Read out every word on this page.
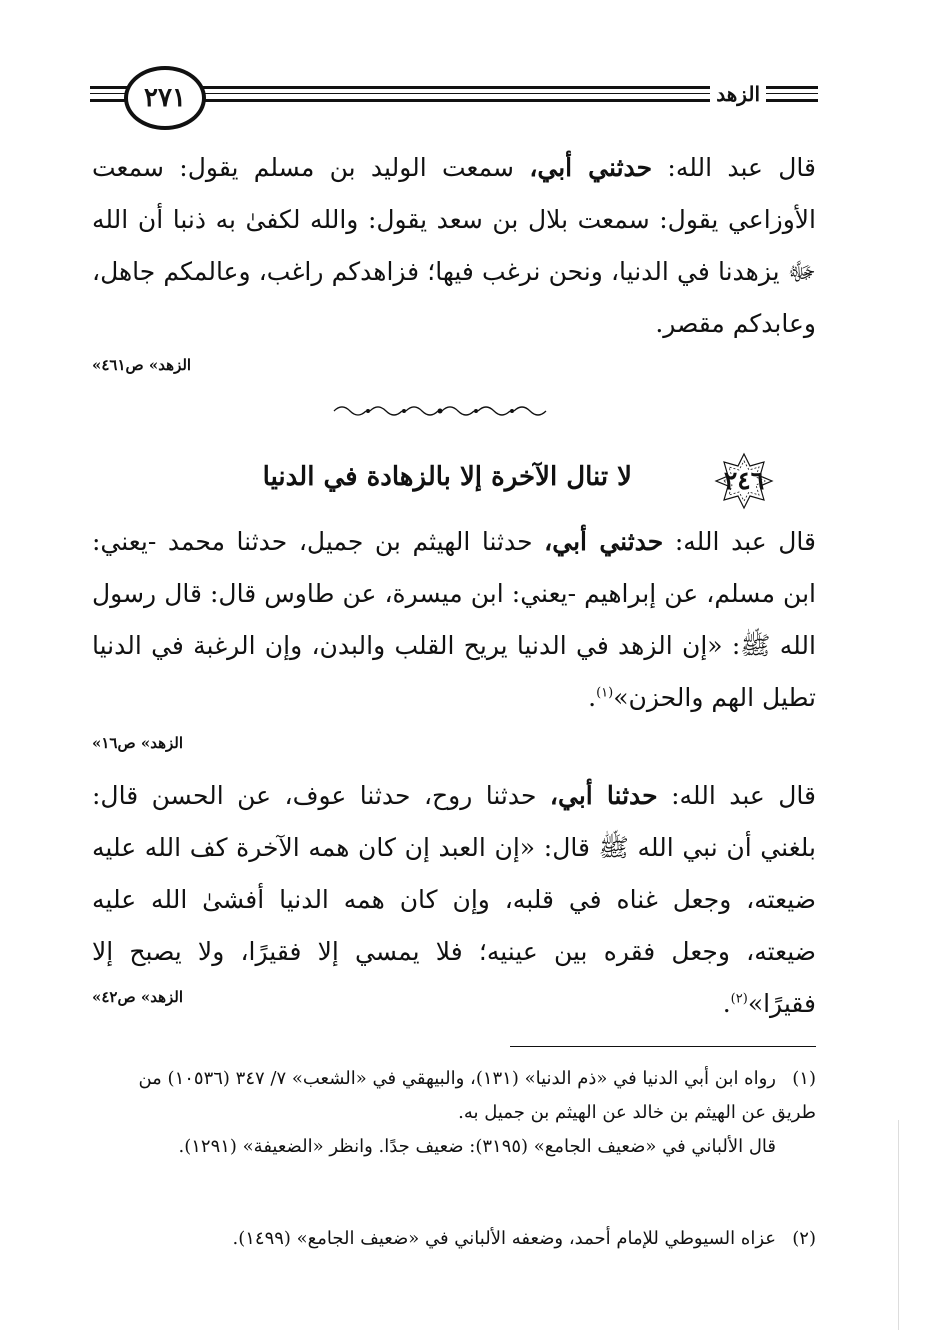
٢٧١	الزهد
قال عبد الله: حدثني أبي، سمعت الوليد بن مسلم يقول: سمعت الأوزاعي يقول: سمعت بلال بن سعد يقول: والله لكفىٰ به ذنبا أن الله ﷻ يزهدنا في الدنيا، ونحن نرغب فيها؛ فزاهدكم راغب، وعالمكم جاهل، وعابدكم مقصر.
«الزهد» ص٤٦١
لا تنال الآخرة إلا بالزهادة في الدنيا	٢٤٦
قال عبد الله: حدثني أبي، حدثنا الهيثم بن جميل، حدثنا محمد -يعني: ابن مسلم، عن إبراهيم -يعني: ابن ميسرة، عن طاوس قال: قال رسول الله ﷺ: «إن الزهد في الدنيا يريح القلب والبدن، وإن الرغبة في الدنيا تطيل الهم والحزن»$^{(١)}$.
«الزهد» ص١٦
قال عبد الله: حدثنا أبي، حدثنا روح، حدثنا عوف، عن الحسن قال: بلغني أن نبي الله ﷺ قال: «إن العبد إن كان همه الآخرة كف الله عليه ضيعته، وجعل غناه في قلبه، وإن كان همه الدنيا أفشىٰ الله عليه ضيعته، وجعل فقره بين عينيه؛ فلا يمسي إلا فقيرًا، ولا يصبح إلا فقيرًا»$^{(٢)}$.
«الزهد» ص٤٢
(١)رواه ابن أبي الدنيا في «ذم الدنيا» (١٣١)، والبيهقي في «الشعب» ٧/ ٣٤٧ (١٠٥٣٦) من طريق عن الهيثم بن خالد عن الهيثم بن جميل به.
قال الألباني في «ضعيف الجامع» (٣١٩٥): ضعيف جدًا. وانظر «الضعيفة» (١٢٩١).
(٢)عزاه السيوطي للإمام أحمد، وضعفه الألباني في «ضعيف الجامع» (١٤٩٩).
